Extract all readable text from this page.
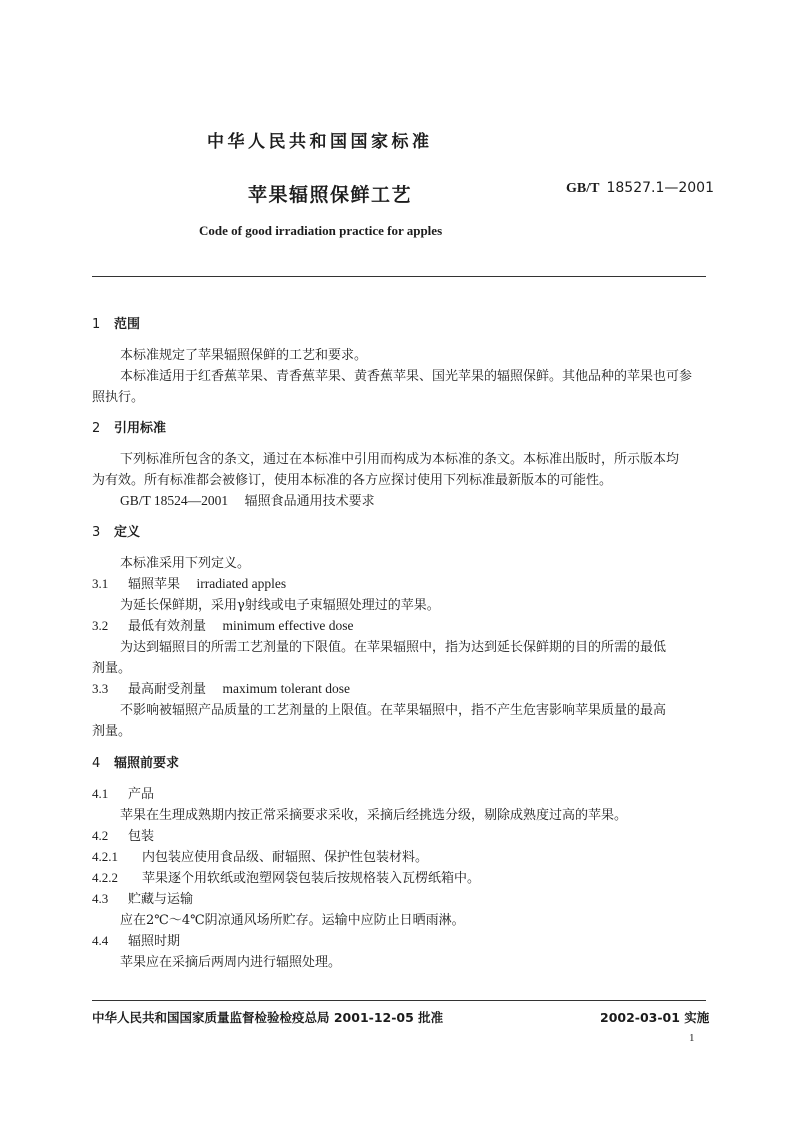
中华人民共和国国家标准
苹果辐照保鲜工艺	GB/T 18527.1—2001
Code of good irradiation practice for apples
1 范围
本标准规定了苹果辐照保鲜的工艺和要求。
本标准适用于红香蕉苹果、青香蕉苹果、黄香蕉苹果、国光苹果的辐照保鲜。其他品种的苹果也可参
照执行。
2 引用标准
下列标准所包含的条文，通过在本标准中引用而构成为本标准的条文。本标准出版时，所示版本均
为有效。所有标准都会被修订，使用本标准的各方应探讨使用下列标准最新版本的可能性。
GB/T 18524—2001 辐照食品通用技术要求
3 定义
本标准采用下列定义。
3.1 辐照苹果 irradiated apples
为延长保鲜期，采用γ射线或电子束辐照处理过的苹果。
3.2 最低有效剂量 minimum effective dose
为达到辐照目的所需工艺剂量的下限值。在苹果辐照中，指为达到延长保鲜期的目的所需的最低
剂量。
3.3 最高耐受剂量 maximum tolerant dose
不影响被辐照产品质量的工艺剂量的上限值。在苹果辐照中，指不产生危害影响苹果质量的最高
剂量。
4 辐照前要求
4.1 产品
苹果在生理成熟期内按正常采摘要求采收，采摘后经挑选分级，剔除成熟度过高的苹果。
4.2 包装
4.2.1 内包装应使用食品级、耐辐照、保护性包装材料。
4.2.2 苹果逐个用软纸或泡塑网袋包装后按规格装入瓦楞纸箱中。
4.3 贮藏与运输
应在2℃～4℃阴凉通风场所贮存。运输中应防止日晒雨淋。
4.4 辐照时期
苹果应在采摘后两周内进行辐照处理。
中华人民共和国国家质量监督检验检疫总局 2001-12-05 批准	2002-03-01 实施
1
